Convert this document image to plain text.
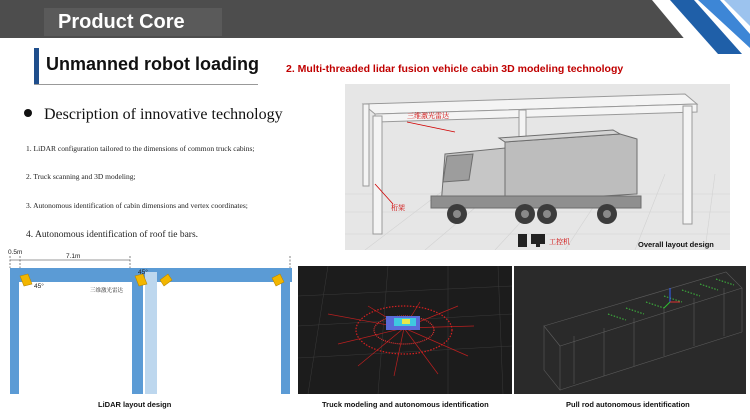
Product Core
Unmanned robot loading	2. Multi-threaded lidar fusion vehicle cabin 3D modeling technology
Description of innovative technology
1. LiDAR configuration tailored to the dimensions of common truck cabins;
2. Truck scanning and 3D modeling;
3. Autonomous identification of cabin dimensions and vertex coordinates;
4. Autonomous identification of roof tie bars.
三维激光雷达
桁架
工控机	Overall layout design
0.5m
7.1m
45°
45°
三维激光雷达
LiDAR layout design	Truck modeling and autonomous identification	Pull rod autonomous identification
